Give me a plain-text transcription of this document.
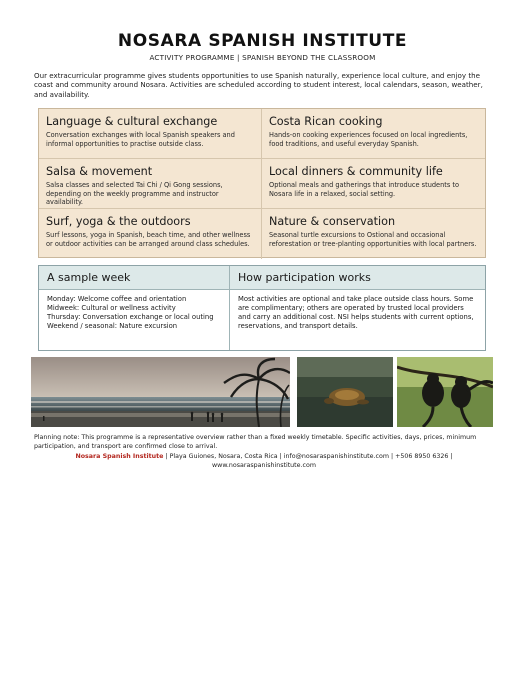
NOSARA SPANISH INSTITUTE
ACTIVITY PROGRAMME | SPANISH BEYOND THE CLASSROOM
Our extracurricular programme gives students opportunities to use Spanish naturally, experience local culture, and enjoy the coast and community around Nosara. Activities are scheduled according to student interest, local calendars, season, weather, and availability.
Language & cultural exchange
Conversation exchanges with local Spanish speakers and informal opportunities to practise outside class.
Costa Rican cooking
Hands-on cooking experiences focused on local ingredients, food traditions, and useful everyday Spanish.
Salsa & movement
Salsa classes and selected Tai Chi / Qi Gong sessions, depending on the weekly programme and instructor availability.
Local dinners & community life
Optional meals and gatherings that introduce students to Nosara life in a relaxed, social setting.
Surf, yoga & the outdoors
Surf lessons, yoga in Spanish, beach time, and other wellness or outdoor activities can be arranged around class schedules.
Nature & conservation
Seasonal turtle excursions to Ostional and occasional reforestation or tree-planting opportunities with local partners.
A sample week
Monday: Welcome coffee and orientation
Midweek: Cultural or wellness activity
Thursday: Conversation exchange or local outing
Weekend / seasonal: Nature excursion
How participation works
Most activities are optional and take place outside class hours. Some are complimentary; others are operated by trusted local providers and carry an additional cost. NSI helps students with current options, reservations, and transport details.
Planning note: This programme is a representative overview rather than a fixed weekly timetable. Specific activities, days, prices, minimum participation, and transport are confirmed close to arrival.
Nosara Spanish Institute | Playa Guiones, Nosara, Costa Rica | info@nosaraspanishinstitute.com | +506 8950 6326 |
www.nosaraspanishinstitute.com
